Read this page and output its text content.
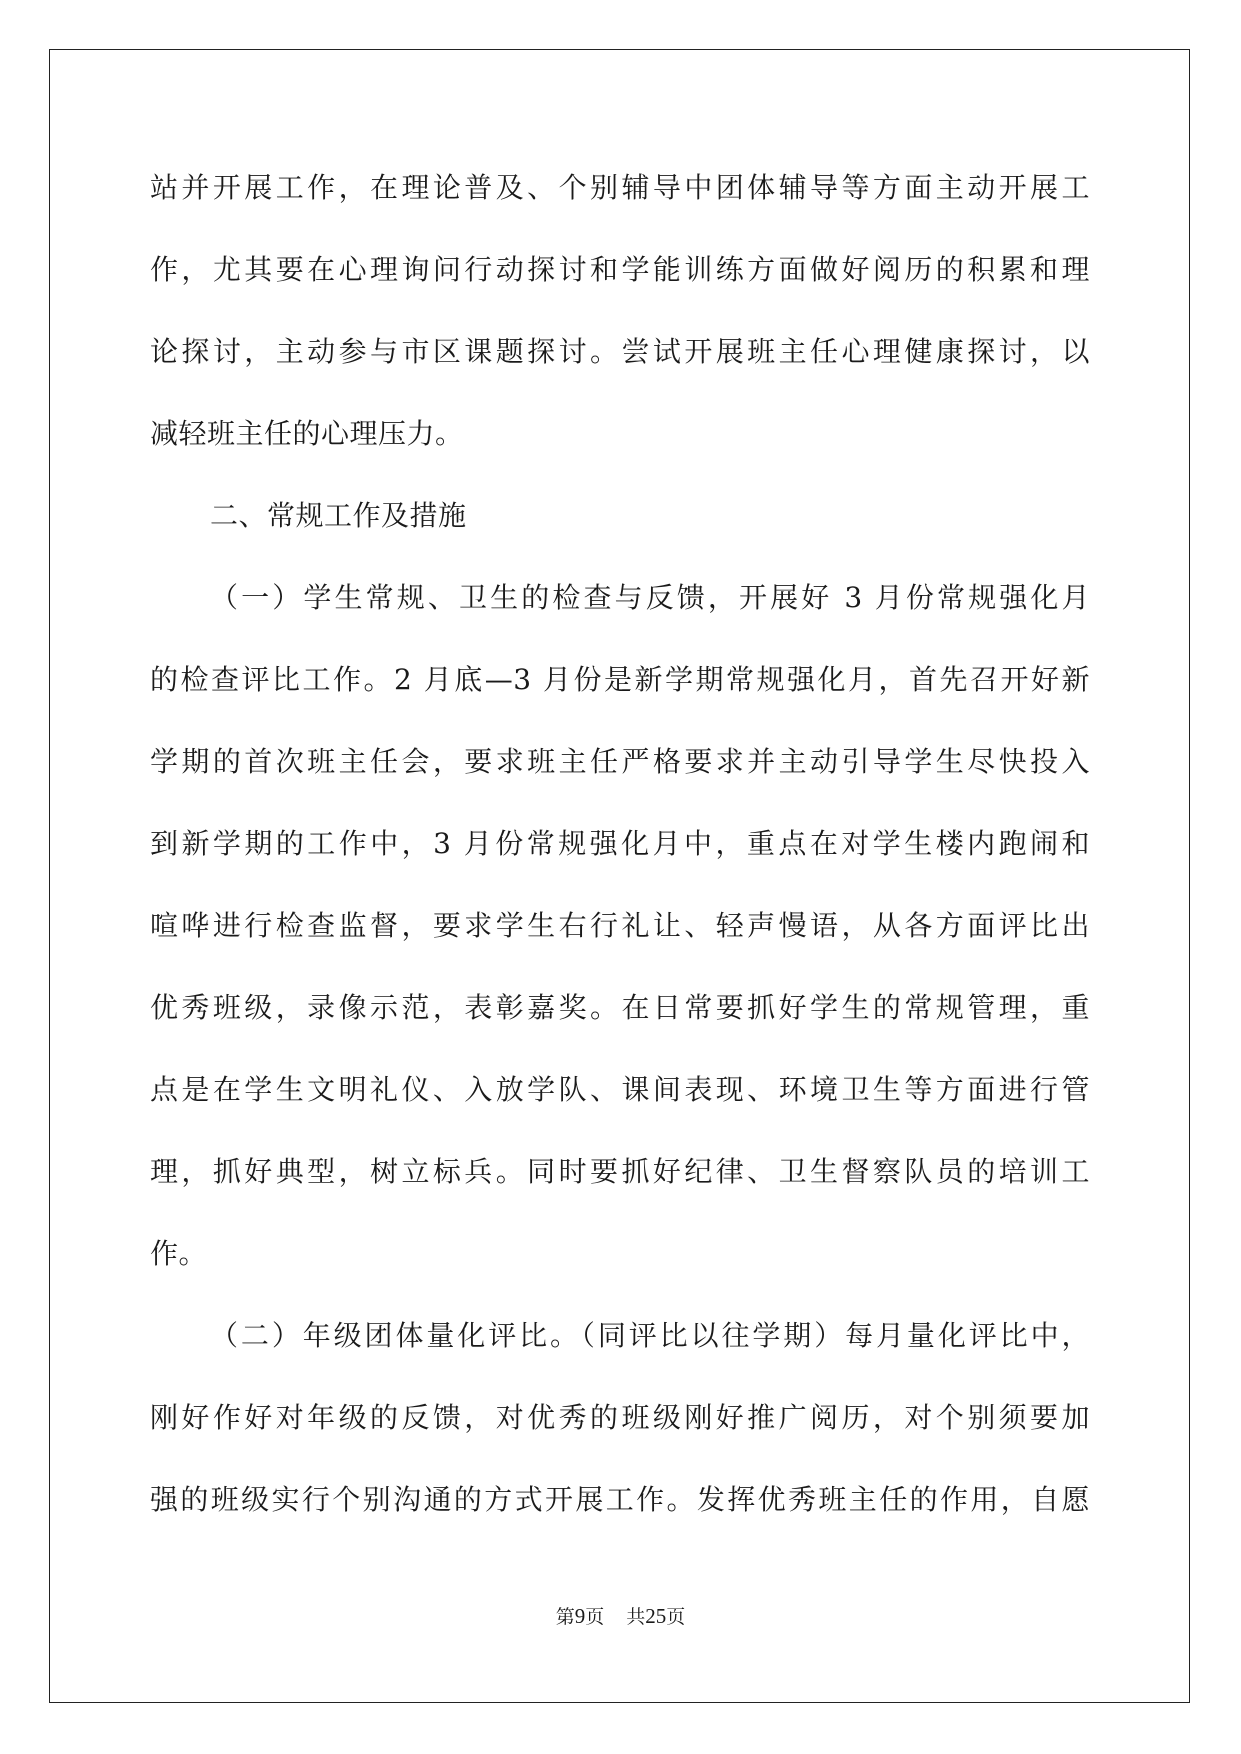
站并开展工作，在理论普及、个别辅导中团体辅导等方面主动开展工
作，尤其要在心理询问行动探讨和学能训练方面做好阅历的积累和理
论探讨，主动参与市区课题探讨。尝试开展班主任心理健康探讨，以
减轻班主任的心理压力。
二、常规工作及措施
（一）学生常规、卫生的检查与反馈，开展好 3 月份常规强化月
的检查评比工作。2 月底—3 月份是新学期常规强化月，首先召开好新
学期的首次班主任会，要求班主任严格要求并主动引导学生尽快投入
到新学期的工作中，3 月份常规强化月中，重点在对学生楼内跑闹和
喧哗进行检查监督，要求学生右行礼让、轻声慢语，从各方面评比出
优秀班级，录像示范，表彰嘉奖。在日常要抓好学生的常规管理，重
点是在学生文明礼仪、入放学队、课间表现、环境卫生等方面进行管
理，抓好典型，树立标兵。同时要抓好纪律、卫生督察队员的培训工
作。
（二）年级团体量化评比。（同评比以往学期）每月量化评比中，
刚好作好对年级的反馈，对优秀的班级刚好推广阅历，对个别须要加
强的班级实行个别沟通的方式开展工作。发挥优秀班主任的作用，自愿
第9页 共25页
